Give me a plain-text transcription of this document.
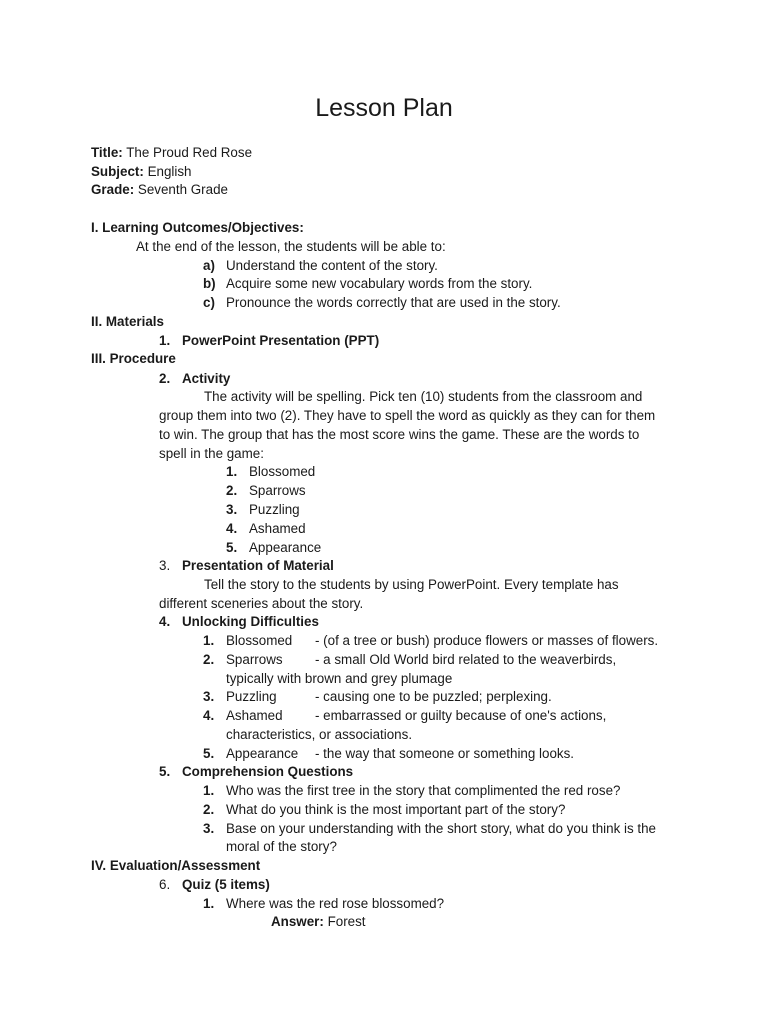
Lesson Plan
Title: The Proud Red Rose
Subject: English
Grade: Seventh Grade
I. Learning Outcomes/Objectives:
At the end of the lesson, the students will be able to:
a) Understand the content of the story.
b) Acquire some new vocabulary words from the story.
c) Pronounce the words correctly that are used in the story.
II. Materials
1. PowerPoint Presentation (PPT)
III. Procedure
2. Activity
The activity will be spelling. Pick ten (10) students from the classroom and
group them into two (2). They have to spell the word as quickly as they can for them
to win. The group that has the most score wins the game. These are the words to
spell in the game:
1. Blossomed
2. Sparrows
3. Puzzling
4. Ashamed
5. Appearance
3. Presentation of Material
Tell the story to the students by using PowerPoint. Every template has
different sceneries about the story.
4. Unlocking Difficulties
1. Blossomed - (of a tree or bush) produce flowers or masses of flowers.
2. Sparrows - a small Old World bird related to the weaverbirds,
typically with brown and grey plumage
3. Puzzling	- causing one to be puzzled; perplexing.
4. Ashamed - embarrassed or guilty because of one's actions,
characteristics, or associations.
5. Appearance - the way that someone or something looks.
5. Comprehension Questions
1. Who was the first tree in the story that complimented the red rose?
2. What do you think is the most important part of the story?
3. Base on your understanding with the short story, what do you think is the
moral of the story?
IV. Evaluation/Assessment
6. Quiz (5 items)
1. Where was the red rose blossomed?
Answer: Forest
